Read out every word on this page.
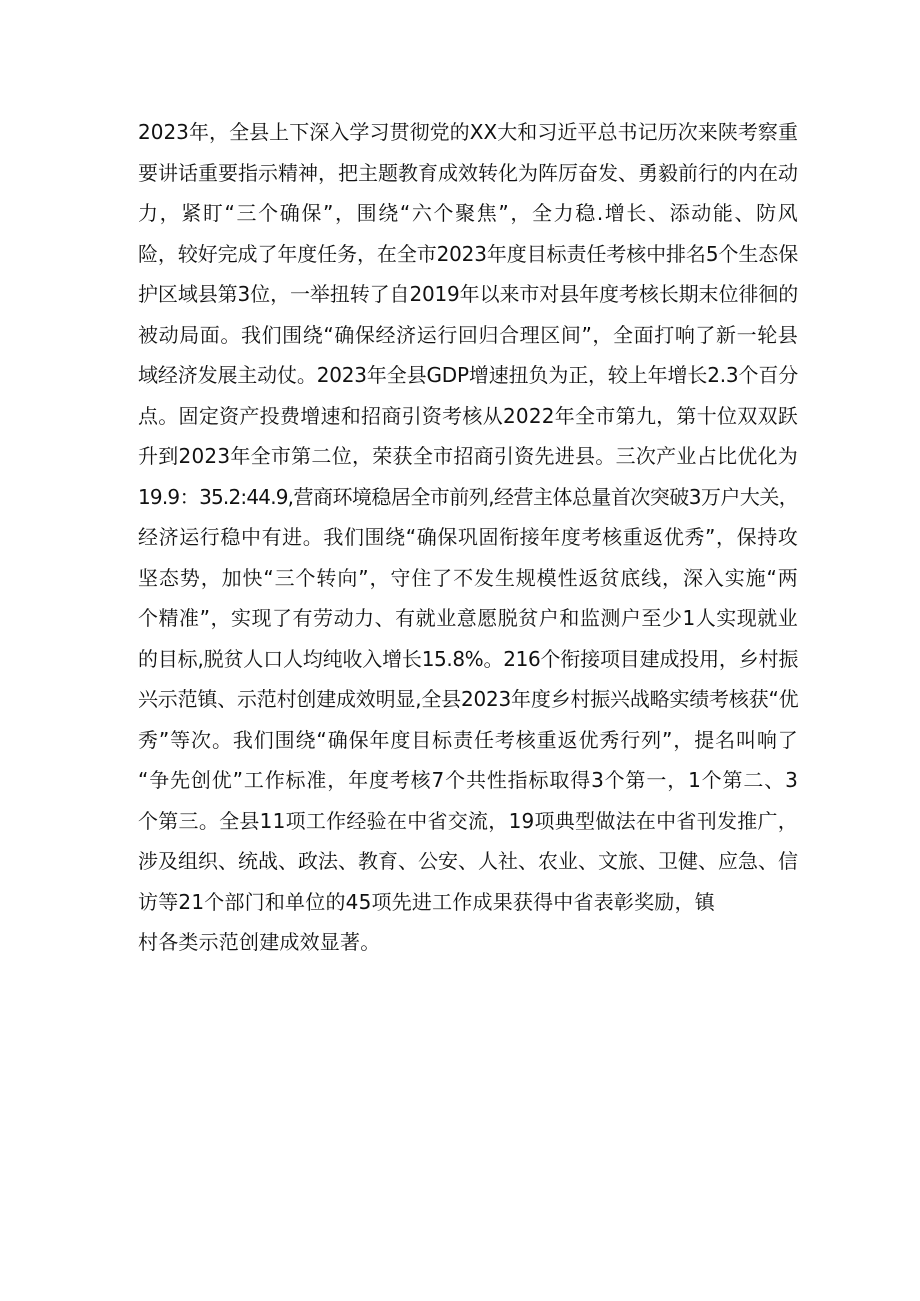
2023年，全县上下深入学习贯彻党的XX大和习近平总书记历次来陕考察重
要讲话重要指示精神，把主题教育成效转化为阵厉奋发、勇毅前行的内在动
力，紧盯“三个确保”，围绕“六个聚焦”，全力稳.增长、添动能、防风
险，较好完成了年度任务，在全市2023年度目标责任考核中排名5个生态保
护区域县第3位，一举扭转了自2019年以来市对县年度考核长期末位徘徊的
被动局面。我们围绕“确保经济运行回归合理区间”，全面打响了新一轮县
域经济发展主动仗。2023年全县GDP增速扭负为正，较上年增长2.3个百分
点。固定资产投费增速和招商引资考核从2022年全市第九，第十位双双跃
升到2023年全市第二位，荣获全市招商引资先进县。三次产业占比优化为
19.9：35.2:44.9,营商环境稳居全市前列,经营主体总量首次突破3万户大关，
经济运行稳中有进。我们围绕“确保巩固衔接年度考核重返优秀”，保持攻
坚态势，加快“三个转向”，守住了不发生规模性返贫底线，深入实施“两
个精准”，实现了有劳动力、有就业意愿脱贫户和监测户至少1人实现就业
的目标,脱贫人口人均纯收入增长15.8%。216个衔接项目建成投用，乡村振
兴示范镇、示范村创建成效明显,全县2023年度乡村振兴战略实绩考核获“优
秀”等次。我们围绕“确保年度目标责任考核重返优秀行列”，提名叫响了
“争先创优”工作标准，年度考核7个共性指标取得3个第一，1个第二、3
个第三。全县11项工作经验在中省交流，19项典型做法在中省刊发推广，
涉及组织、统战、政法、教育、公安、人社、农业、文旅、卫健、应急、信
访等21个部门和单位的45项先进工作成果获得中省表彰奖励，镇
村各类示范创建成效显著。
